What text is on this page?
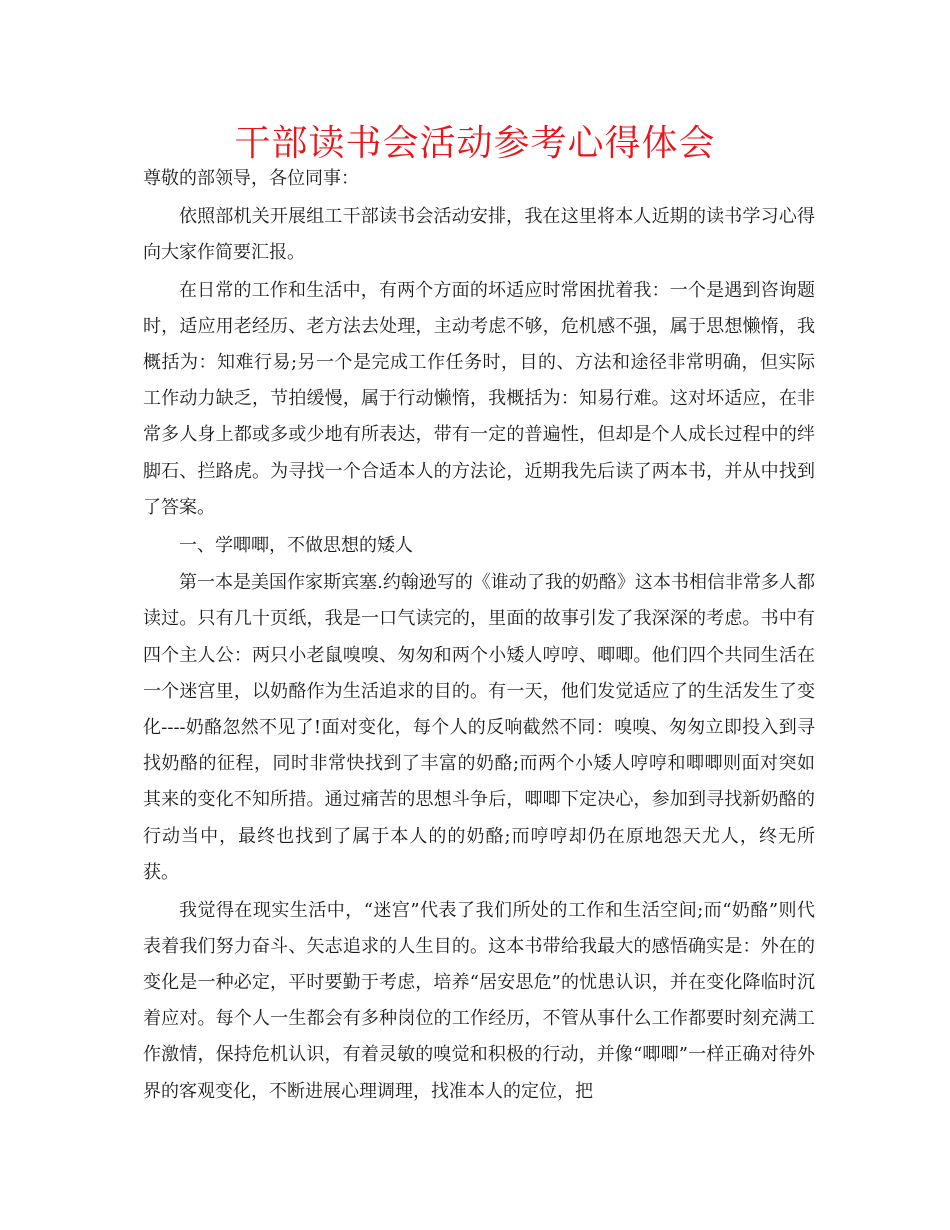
干部读书会活动参考心得体会

尊敬的部领导，各位同事：

依照部机关开展组工干部读书会活动安排，我在这里将本人近期的读书学习心得向大家作简要汇报。

在日常的工作和生活中，有两个方面的坏适应时常困扰着我：一个是遇到咨询题时，适应用老经历、老方法去处理，主动考虑不够，危机感不强，属于思想懒惰，我概括为：知难行易;另一个是完成工作任务时，目的、方法和途径非常明确，但实际工作动力缺乏，节拍缓慢，属于行动懒惰，我概括为：知易行难。这对坏适应，在非常多人身上都或多或少地有所表达，带有一定的普遍性，但却是个人成长过程中的绊脚石、拦路虎。为寻找一个合适本人的方法论，近期我先后读了两本书，并从中找到了答案。

一、学唧唧，不做思想的矮人

第一本是美国作家斯宾塞.约翰逊写的《谁动了我的奶酪》这本书相信非常多人都读过。只有几十页纸，我是一口气读完的，里面的故事引发了我深深的考虑。书中有四个主人公：两只小老鼠嗅嗅、匆匆和两个小矮人哼哼、唧唧。他们四个共同生活在一个迷宫里，以奶酪作为生活追求的目的。有一天，他们发觉适应了的生活发生了变化----奶酪忽然不见了!面对变化，每个人的反响截然不同：嗅嗅、匆匆立即投入到寻找奶酪的征程，同时非常快找到了丰富的奶酪;而两个小矮人哼哼和唧唧则面对突如其来的变化不知所措。通过痛苦的思想斗争后，唧唧下定决心，参加到寻找新奶酪的行动当中，最终也找到了属于本人的的奶酪;而哼哼却仍在原地怨天尤人，终无所获。

我觉得在现实生活中，“迷宫”代表了我们所处的工作和生活空间;而“奶酪”则代表着我们努力奋斗、矢志追求的人生目的。这本书带给我最大的感悟确实是：外在的变化是一种必定，平时要勤于考虑，培养“居安思危”的忧患认识，并在变化降临时沉着应对。每个人一生都会有多种岗位的工作经历，不管从事什么工作都要时刻充满工作激情，保持危机认识，有着灵敏的嗅觉和积极的行动，并像“唧唧”一样正确对待外界的客观变化，不断进展心理调理，找准本人的定位，把
